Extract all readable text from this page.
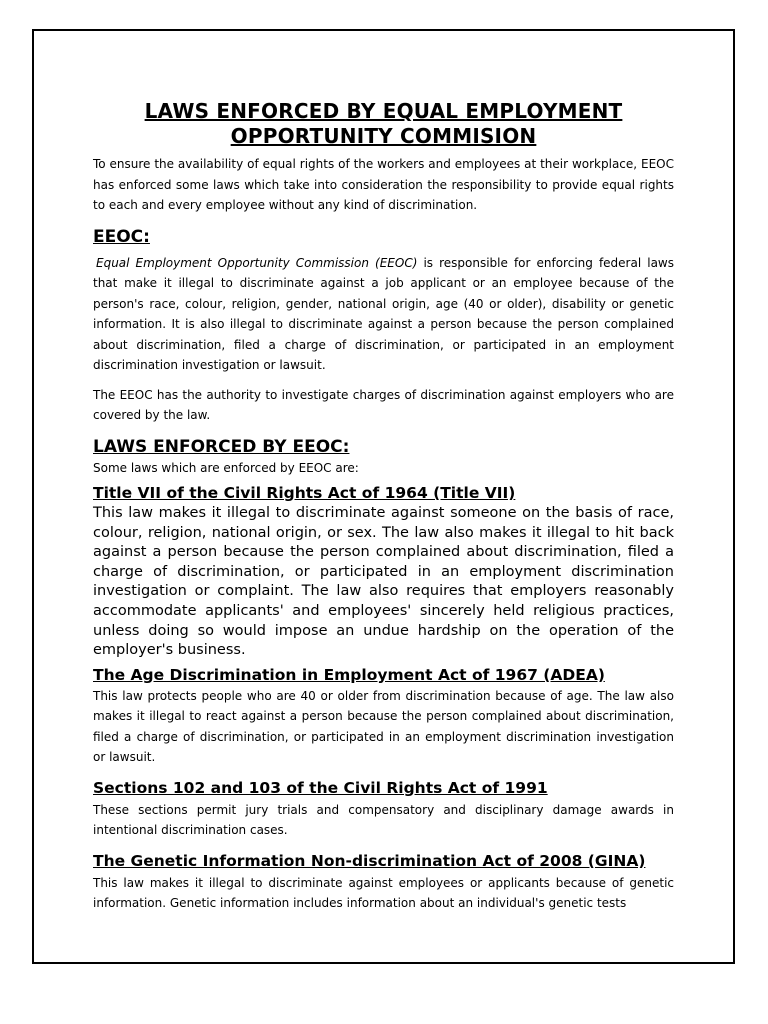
LAWS ENFORCED BY EQUAL EMPLOYMENT
OPPORTUNITY COMMISION

To ensure the availability of equal rights of the workers and employees at their workplace, EEOC has enforced some laws which take into consideration the responsibility to provide equal rights to each and every employee without any kind of discrimination.

EEOC:

Equal Employment Opportunity Commission (EEOC) is responsible for enforcing federal laws that make it illegal to discriminate against a job applicant or an employee because of the person's race, colour, religion, gender, national origin, age (40 or older), disability or genetic information. It is also illegal to discriminate against a person because the person complained about discrimination, filed a charge of discrimination, or participated in an employment discrimination investigation or lawsuit.

The EEOC has the authority to investigate charges of discrimination against employers who are covered by the law.

LAWS ENFORCED BY EEOC:

Some laws which are enforced by EEOC are:

Title VII of the Civil Rights Act of 1964 (Title VII)

This law makes it illegal to discriminate against someone on the basis of race, colour, religion, national origin, or sex. The law also makes it illegal to hit back against a person because the person complained about discrimination, filed a charge of discrimination, or participated in an employment discrimination investigation or complaint. The law also requires that employers reasonably accommodate applicants' and employees' sincerely held religious practices, unless doing so would impose an undue hardship on the operation of the employer's business.

The Age Discrimination in Employment Act of 1967 (ADEA)

This law protects people who are 40 or older from discrimination because of age. The law also makes it illegal to react against a person because the person complained about discrimination, filed a charge of discrimination, or participated in an employment discrimination investigation or lawsuit.

Sections 102 and 103 of the Civil Rights Act of 1991

These sections permit jury trials and compensatory and disciplinary damage awards in intentional discrimination cases.

The Genetic Information Non-discrimination Act of 2008 (GINA)

This law makes it illegal to discriminate against employees or applicants because of genetic information. Genetic information includes information about an individual's genetic tests
